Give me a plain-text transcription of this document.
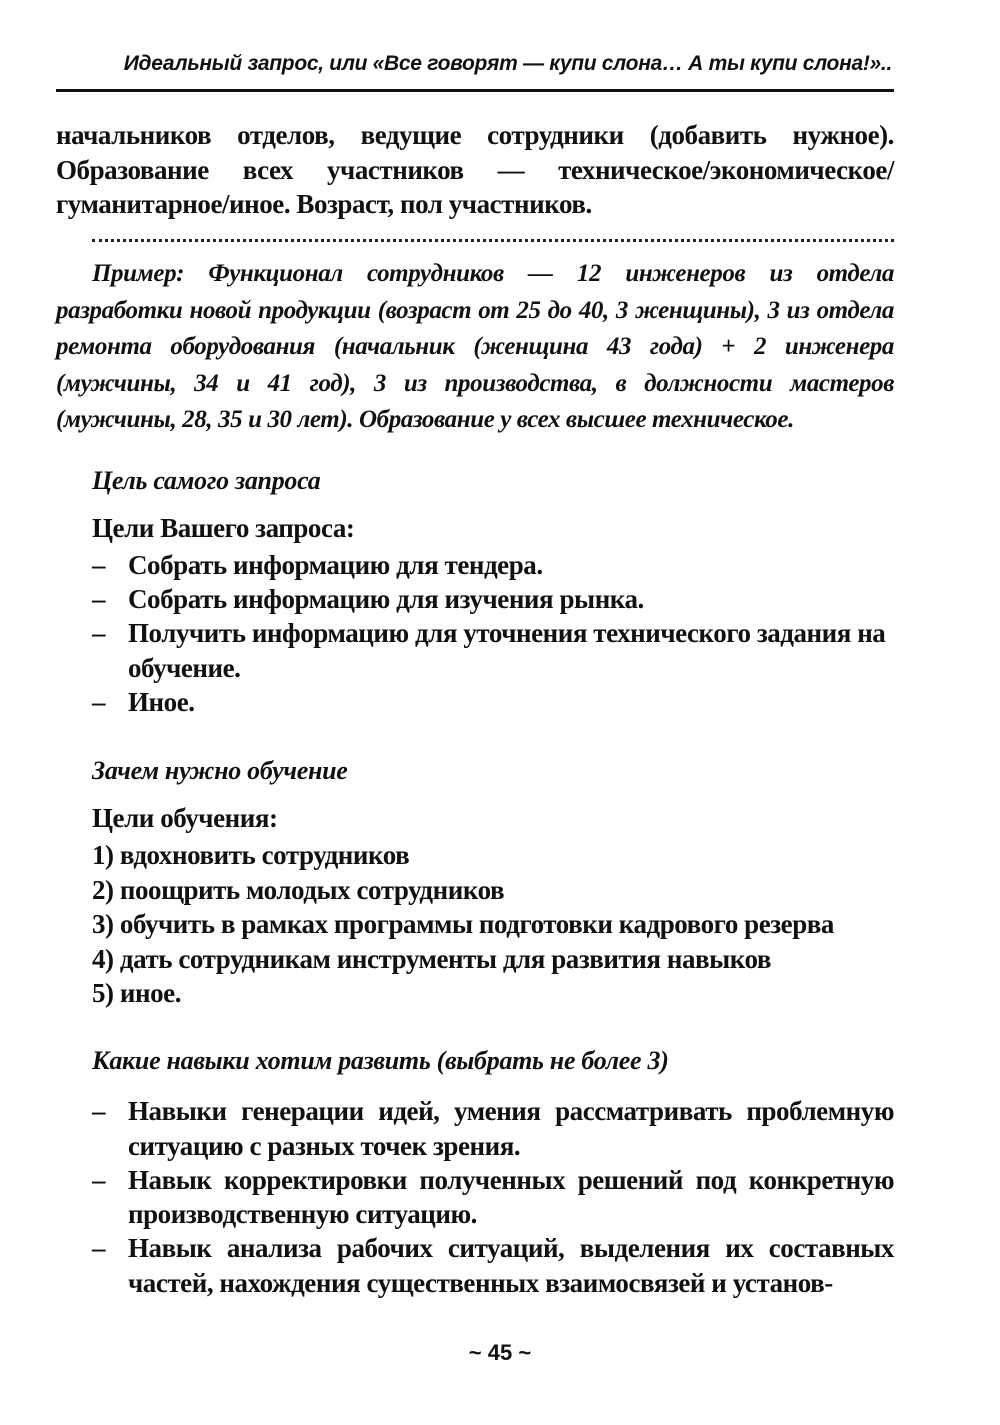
Идеальный запрос, или «Все говорят — купи слона… А ты купи слона!»..

начальников отделов, ведущие сотрудники (добавить нужное). Образование всех участников — техническое/экономическое/гуманитарное/иное. Возраст, пол участников.

Пример: Функционал сотрудников — 12 инженеров из отдела разработки новой продукции (возраст от 25 до 40, 3 женщины), 3 из отдела ремонта оборудования (начальник (женщина 43 года) + 2 инженера (мужчины, 34 и 41 год), 3 из производства, в должности мастеров (мужчины, 28, 35 и 30 лет). Образование у всех высшее техническое.

Цель самого запроса

Цели Вашего запроса:

– Собрать информацию для тендера.
– Собрать информацию для изучения рынка.
– Получить информацию для уточнения технического задания на обучение.
– Иное.
Зачем нужно обучение

Цели обучения:

1) вдохновить сотрудников
2) поощрить молодых сотрудников
3) обучить в рамках программы подготовки кадрового резерва
4) дать сотрудникам инструменты для развития навыков
5) иное.
Какие навыки хотим развить (выбрать не более 3)
– Навыки генерации идей, умения рассматривать проблемную ситуацию с разных точек зрения.
– Навык корректировки полученных решений под конкретную производственную ситуацию.
– Навык анализа рабочих ситуаций, выделения их составных частей, нахождения существенных взаимосвязей и установ-
~ 45 ~
